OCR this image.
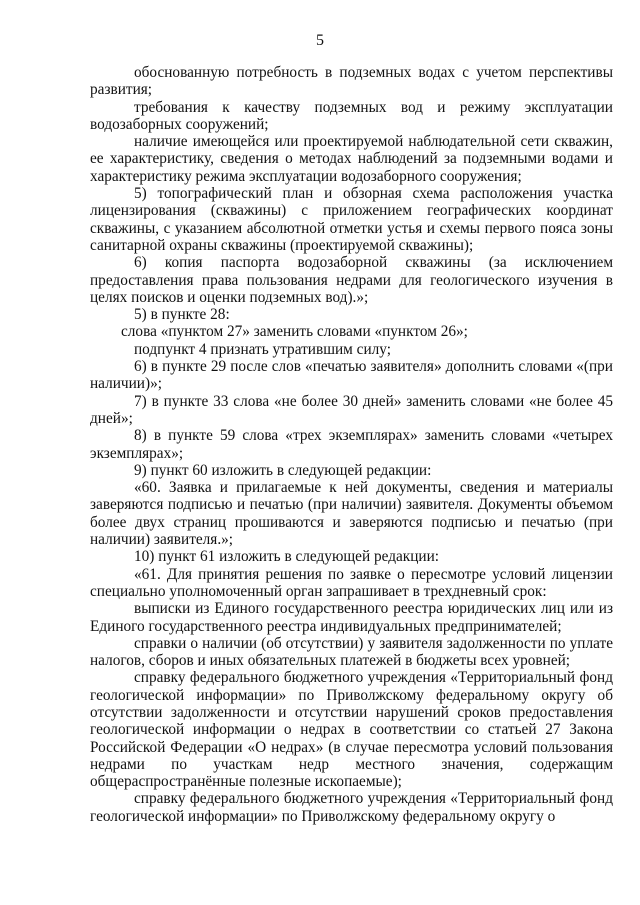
5

обоснованную потребность в подземных водах с учетом перспективы развития;

требования к качеству подземных вод и режиму эксплуатации водозаборных сооружений;

наличие имеющейся или проектируемой наблюдательной сети скважин, ее характеристику, сведения о методах наблюдений за подземными водами и характеристику режима эксплуатации водозаборного сооружения;

5) топографический план и обзорная схема расположения участка лицензирования (скважины) с приложением географических координат скважины, с указанием абсолютной отметки устья и схемы первого пояса зоны санитарной охраны скважины (проектируемой скважины);

6) копия паспорта водозаборной скважины (за исключением предоставления права пользования недрами для геологического изучения в целях поисков и оценки подземных вод).»;

5) в пункте 28:

слова «пунктом 27» заменить словами «пунктом 26»;

подпункт 4 признать утратившим силу;

6) в пункте 29 после слов «печатью заявителя» дополнить словами «(при наличии)»;

7) в пункте 33 слова «не более 30 дней» заменить словами «не более 45 дней»;

8) в пункте 59 слова «трех экземплярах» заменить словами «четырех экземплярах»;

9) пункт 60 изложить в следующей редакции:

«60. Заявка и прилагаемые к ней документы, сведения и материалы заверяются подписью и печатью (при наличии) заявителя. Документы объемом более двух страниц прошиваются и заверяются подписью и печатью (при наличии) заявителя.»;

10) пункт 61 изложить в следующей редакции:

«61. Для принятия решения по заявке о пересмотре условий лицензии специально уполномоченный орган запрашивает в трехдневный срок:

выписки из Единого государственного реестра юридических лиц или из Единого государственного реестра индивидуальных предпринимателей;

справки о наличии (об отсутствии) у заявителя задолженности по уплате налогов, сборов и иных обязательных платежей в бюджеты всех уровней;

справку федерального бюджетного учреждения «Территориальный фонд геологической информации» по Приволжскому федеральному округу об отсутствии задолженности и отсутствии нарушений сроков предоставления геологической информации о недрах в соответствии со статьей 27 Закона Российской Федерации «О недрах» (в случае пересмотра условий пользования недрами по участкам недр местного значения, содержащим общераспространённые полезные ископаемые);

справку федерального бюджетного учреждения «Территориальный фонд геологической информации» по Приволжскому федеральному округу о
